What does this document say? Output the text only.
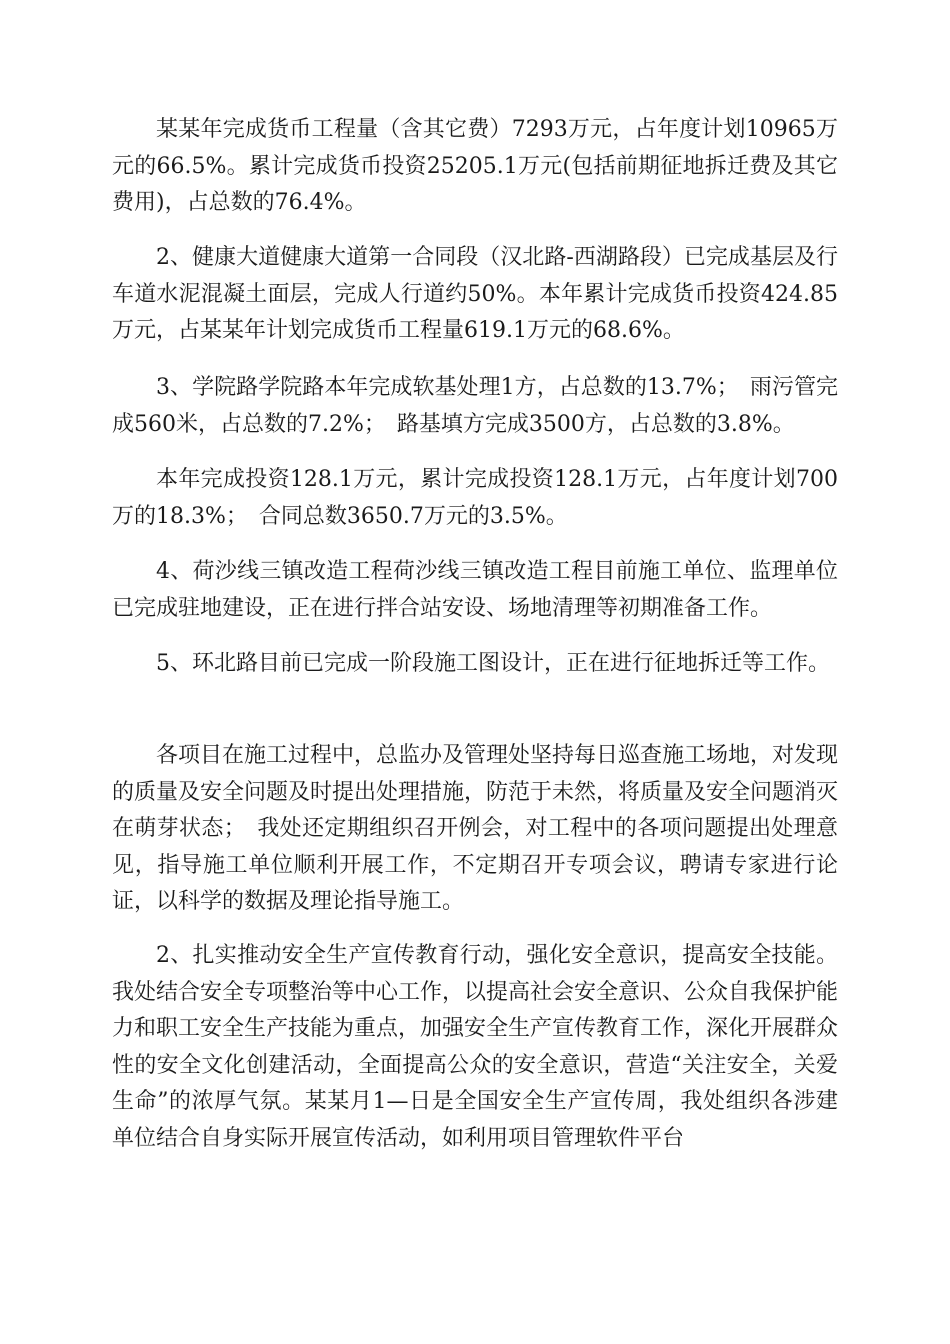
某某年完成货币工程量（含其它费）7293万元，占年度计划10965万元的66.5%。累计完成货币投资25205.1万元(包括前期征地拆迁费及其它费用)，占总数的76.4%。

2、健康大道健康大道第一合同段（汉北路-西湖路段）已完成基层及行车道水泥混凝土面层，完成人行道约50%。本年累计完成货币投资424.85万元，占某某年计划完成货币工程量619.1万元的68.6%。

3、学院路学院路本年完成软基处理1方，占总数的13.7%；　雨污管完成560米，占总数的7.2%；　路基填方完成3500方，占总数的3.8%。

本年完成投资128.1万元，累计完成投资128.1万元，占年度计划700万的18.3%；　合同总数3650.7万元的3.5%。

4、荷沙线三镇改造工程荷沙线三镇改造工程目前施工单位、监理单位已完成驻地建设，正在进行拌合站安设、场地清理等初期准备工作。

5、环北路目前已完成一阶段施工图设计，正在进行征地拆迁等工作。

各项目在施工过程中，总监办及管理处坚持每日巡查施工场地，对发现的质量及安全问题及时提出处理措施，防范于未然，将质量及安全问题消灭在萌芽状态；　我处还定期组织召开例会，对工程中的各项问题提出处理意见，指导施工单位顺利开展工作，不定期召开专项会议，聘请专家进行论证，以科学的数据及理论指导施工。

2、扎实推动安全生产宣传教育行动，强化安全意识，提高安全技能。我处结合安全专项整治等中心工作，以提高社会安全意识、公众自我保护能力和职工安全生产技能为重点，加强安全生产宣传教育工作，深化开展群众性的安全文化创建活动，全面提高公众的安全意识，营造“关注安全，关爱生命”的浓厚气氛。某某月1—日是全国安全生产宣传周，我处组织各涉建单位结合自身实际开展宣传活动，如利用项目管理软件平台
